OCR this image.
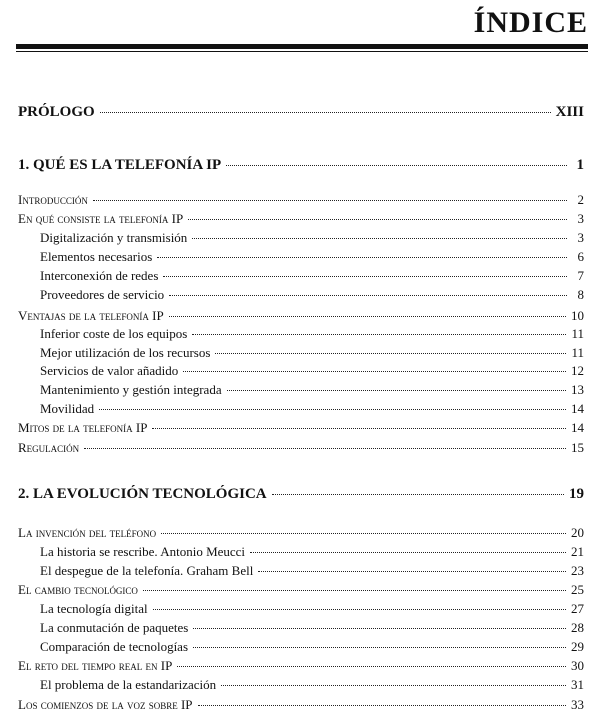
ÍNDICE
PRÓLOGO	XIII
1. QUÉ ES LA TELEFONÍA IP	1
Introducción	2
En qué consiste la telefonía IP	3
Digitalización y transmisión	3
Elementos necesarios	6
Interconexión de redes	7
Proveedores de servicio	8
Ventajas de la telefonía IP	10
Inferior coste de los equipos	11
Mejor utilización de los recursos	11
Servicios de valor añadido	12
Mantenimiento y gestión integrada	13
Movilidad	14
Mitos de la telefonía IP	14
Regulación	15
2. LA EVOLUCIÓN TECNOLÓGICA	19
La invención del teléfono	20
La historia se rescribe. Antonio Meucci	21
El despegue de la telefonía. Graham Bell	23
El cambio tecnológico	25
La tecnología digital	27
La conmutación de paquetes	28
Comparación de tecnologías	29
El reto del tiempo real en IP	30
El problema de la estandarización	31
Los comienzos de la voz sobre IP	33
